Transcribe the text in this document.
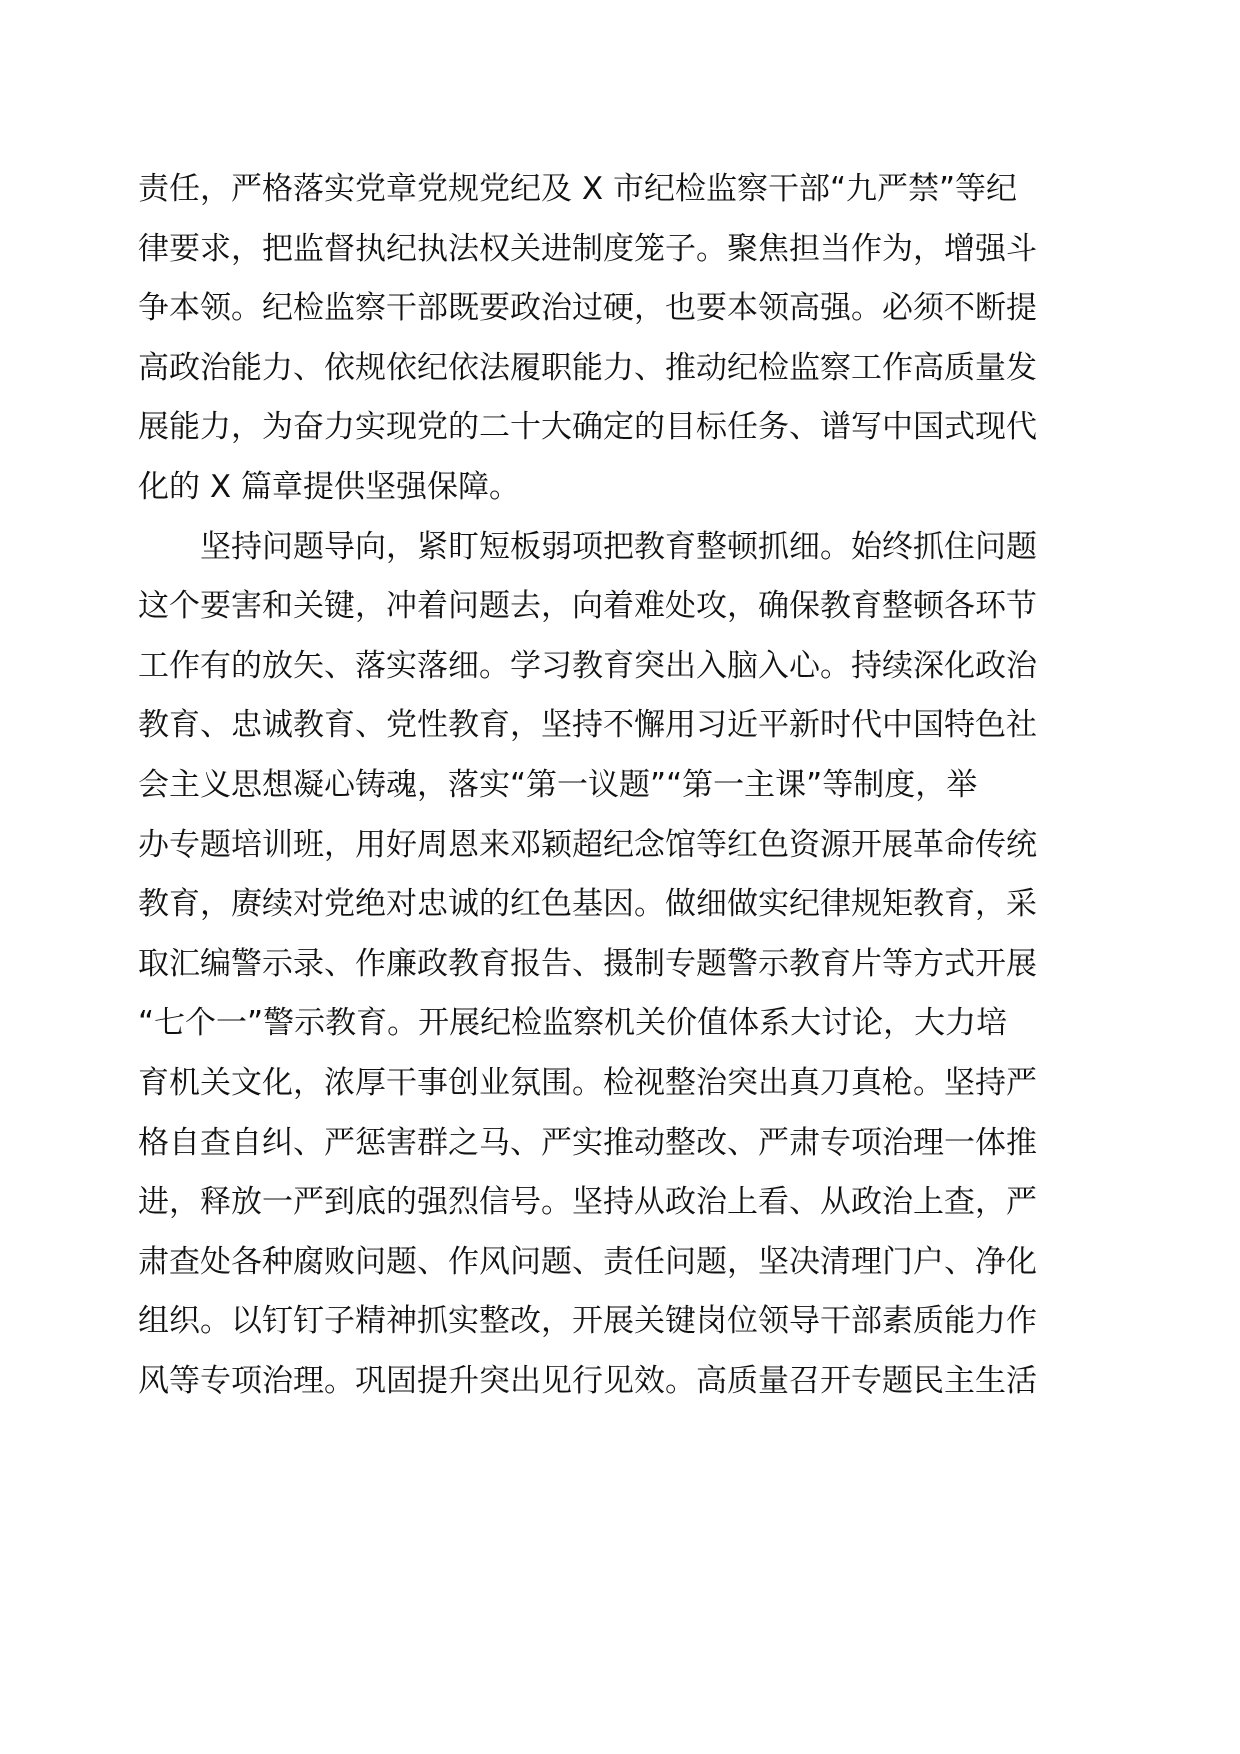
责任，严格落实党章党规党纪及 X 市纪检监察干部“九严禁”等纪
律要求，把监督执纪执法权关进制度笼子。聚焦担当作为，增强斗
争本领。纪检监察干部既要政治过硬，也要本领高强。必须不断提
高政治能力、依规依纪依法履职能力、推动纪检监察工作高质量发
展能力，为奋力实现党的二十大确定的目标任务、谱写中国式现代
化的 X 篇章提供坚强保障。
坚持问题导向，紧盯短板弱项把教育整顿抓细。始终抓住问题
这个要害和关键，冲着问题去，向着难处攻，确保教育整顿各环节
工作有的放矢、落实落细。学习教育突出入脑入心。持续深化政治
教育、忠诚教育、党性教育，坚持不懈用习近平新时代中国特色社
会主义思想凝心铸魂，落实“第一议题”“第一主课”等制度，举
办专题培训班，用好周恩来邓颖超纪念馆等红色资源开展革命传统
教育，赓续对党绝对忠诚的红色基因。做细做实纪律规矩教育，采
取汇编警示录、作廉政教育报告、摄制专题警示教育片等方式开展
“七个一”警示教育。开展纪检监察机关价值体系大讨论，大力培
育机关文化，浓厚干事创业氛围。检视整治突出真刀真枪。坚持严
格自查自纠、严惩害群之马、严实推动整改、严肃专项治理一体推
进，释放一严到底的强烈信号。坚持从政治上看、从政治上查，严
肃查处各种腐败问题、作风问题、责任问题，坚决清理门户、净化
组织。以钉钉子精神抓实整改，开展关键岗位领导干部素质能力作
风等专项治理。巩固提升突出见行见效。高质量召开专题民主生活
